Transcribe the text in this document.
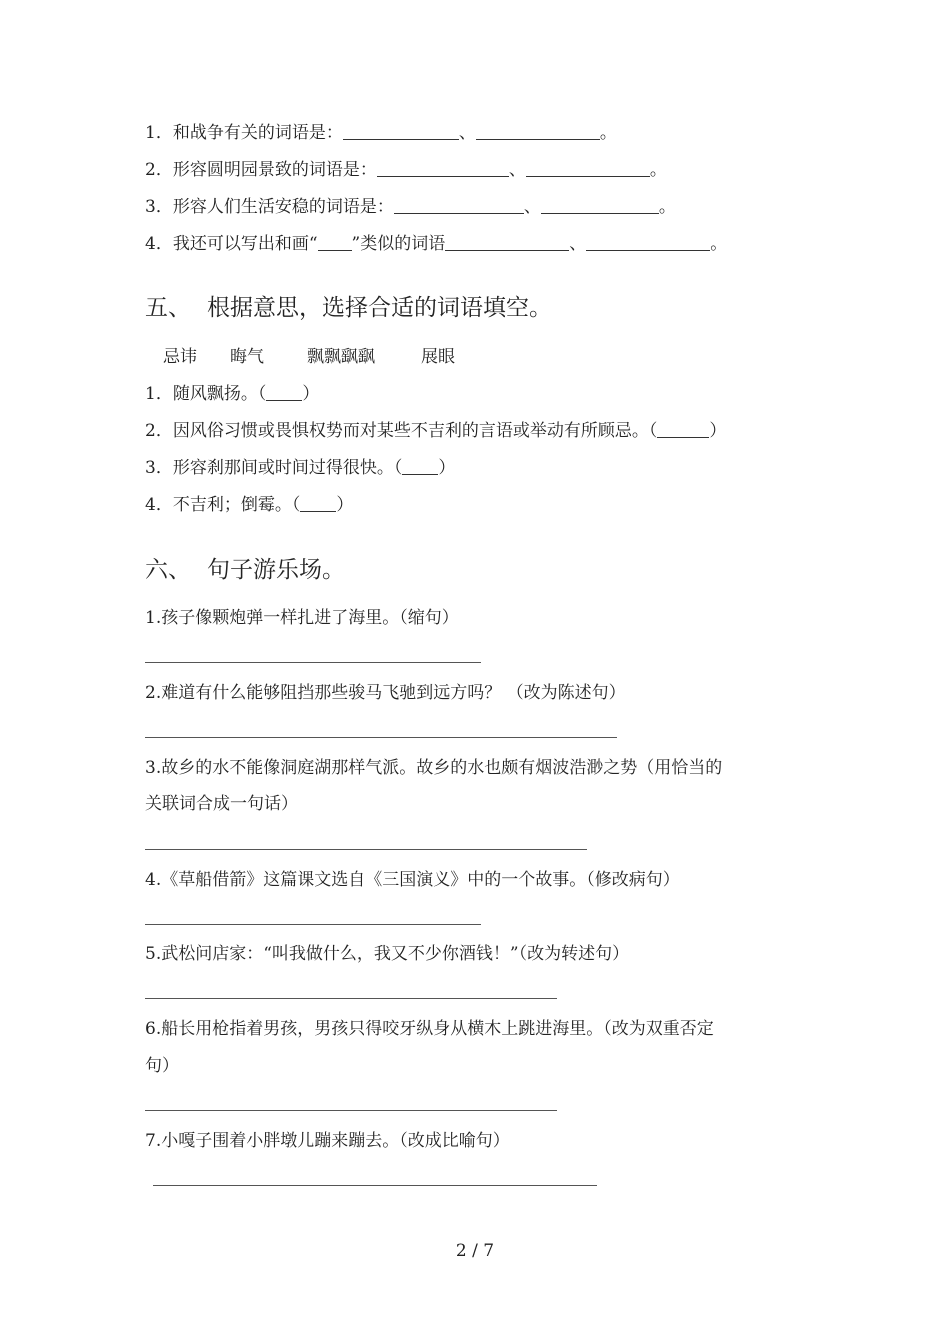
1．和战争有关的词语是：	、	。
2．形容圆明园景致的词语是：	、	。
3．形容人们生活安稳的词语是：	、	。
4．我还可以写出和画“ ”类似的词语	、	。
五、 根据意思，选择合适的词语填空。
忌讳 晦气	飘飘飖飖	展眼
1．随风飘扬。（ ）
2．因风俗习惯或畏惧权势而对某些不吉利的言语或举动有所顾忌。（	）
3．形容刹那间或时间过得很快。（ ）
4．不吉利；倒霉。（ ）
六、 句子游乐场。
1.孩子像颗炮弹一样扎进了海里。（缩句）
2.难道有什么能够阻挡那些骏马飞驰到远方吗？ （改为陈述句）
3.故乡的水不能像洞庭湖那样气派。故乡的水也颇有烟波浩渺之势（用恰当的
关联词合成一句话）
4.《草船借箭》这篇课文选自《三国演义》中的一个故事。（修改病句）
5.武松问店家：“叫我做什么，我又不少你酒钱！”（改为转述句）
6.船长用枪指着男孩，男孩只得咬牙纵身从横木上跳进海里。（改为双重否定
句）
7.小嘎子围着小胖墩儿蹦来蹦去。（改成比喻句）
2 / 7
